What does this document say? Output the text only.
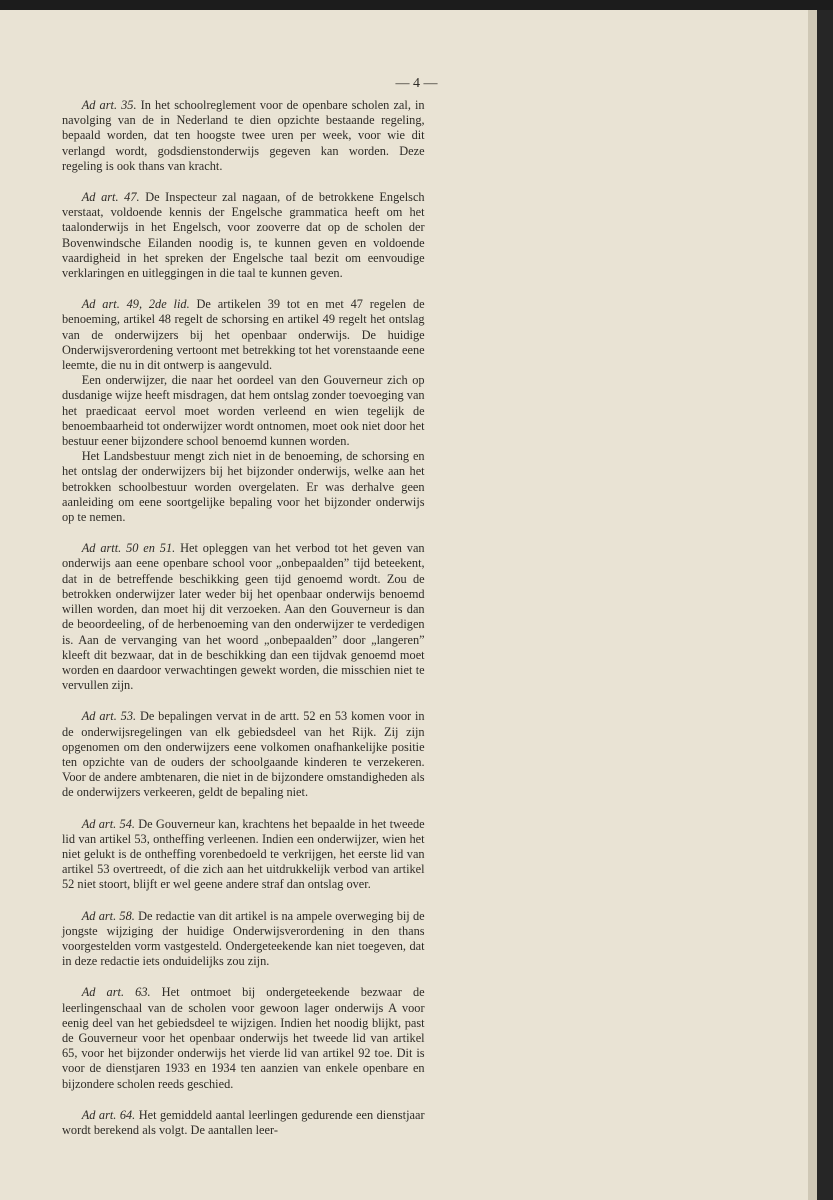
— 4 —

Ad art. 35. In het schoolreglement voor de openbare scholen zal, in navolging van de in Nederland te dien opzichte bestaande regeling, bepaald worden, dat ten hoogste twee uren per week, voor wie dit verlangd wordt, godsdienstonderwijs gegeven kan worden. Deze regeling is ook thans van kracht.

Ad art. 47. De Inspecteur zal nagaan, of de betrokkene Engelsch verstaat, voldoende kennis der Engelsche grammatica heeft om het taalonderwijs in het Engelsch, voor zooverre dat op de scholen der Bovenwindsche Eilanden noodig is, te kunnen geven en voldoende vaardigheid in het spreken der Engelsche taal bezit om eenvoudige verklaringen en uitleggingen in die taal te kunnen geven.

Ad art. 49, 2de lid. De artikelen 39 tot en met 47 regelen de benoeming, artikel 48 regelt de schorsing en artikel 49 regelt het ontslag van de onderwijzers bij het openbaar onderwijs. De huidige Onderwijsverordening vertoont met betrekking tot het vorenstaande eene leemte, die nu in dit ontwerp is aangevuld.

Een onderwijzer, die naar het oordeel van den Gouverneur zich op dusdanige wijze heeft misdragen, dat hem ontslag zonder toevoeging van het praedicaat eervol moet worden verleend en wien tegelijk de benoembaarheid tot onderwijzer wordt ontnomen, moet ook niet door het bestuur eener bijzondere school benoemd kunnen worden.

Het Landsbestuur mengt zich niet in de benoeming, de schorsing en het ontslag der onderwijzers bij het bijzonder onderwijs, welke aan het betrokken schoolbestuur worden overgelaten. Er was derhalve geen aanleiding om eene soortgelijke bepaling voor het bijzonder onderwijs op te nemen.

Ad artt. 50 en 51. Het opleggen van het verbod tot het geven van onderwijs aan eene openbare school voor „onbepaalden” tijd beteekent, dat in de betreffende beschikking geen tijd genoemd wordt. Zou de betrokken onderwijzer later weder bij het openbaar onderwijs benoemd willen worden, dan moet hij dit verzoeken. Aan den Gouverneur is dan de beoordeeling, of de herbenoeming van den onderwijzer te verdedigen is. Aan de vervanging van het woord „onbepaalden” door „langeren” kleeft dit bezwaar, dat in de beschikking dan een tijdvak genoemd moet worden en daardoor verwachtingen gewekt worden, die misschien niet te vervullen zijn.

Ad art. 53. De bepalingen vervat in de artt. 52 en 53 komen voor in de onderwijsregelingen van elk gebiedsdeel van het Rijk. Zij zijn opgenomen om den onderwijzers eene volkomen onafhankelijke positie ten opzichte van de ouders der schoolgaande kinderen te verzekeren. Voor de andere ambtenaren, die niet in de bijzondere omstandigheden als de onderwijzers verkeeren, geldt de bepaling niet.

Ad art. 54. De Gouverneur kan, krachtens het bepaalde in het tweede lid van artikel 53, ontheffing verleenen. Indien een onderwijzer, wien het niet gelukt is de ontheffing vorenbedoeld te verkrijgen, het eerste lid van artikel 53 overtreedt, of die zich aan het uitdrukkelijk verbod van artikel 52 niet stoort, blijft er wel geene andere straf dan ontslag over.

Ad art. 58. De redactie van dit artikel is na ampele overweging bij de jongste wijziging der huidige Onderwijsverordening in den thans voorgestelden vorm vastgesteld. Ondergeteekende kan niet toegeven, dat in deze redactie iets onduidelijks zou zijn.

Ad art. 63. Het ontmoet bij ondergeteekende bezwaar de leerlingenschaal van de scholen voor gewoon lager onderwijs A voor eenig deel van het gebiedsdeel te wijzigen. Indien het noodig blijkt, past de Gouverneur voor het openbaar onderwijs het tweede lid van artikel 65, voor het bijzonder onderwijs het vierde lid van artikel 92 toe. Dit is voor de dienstjaren 1933 en 1934 ten aanzien van enkele openbare en bijzondere scholen reeds geschied.

Ad art. 64. Het gemiddeld aantal leerlingen gedurende een dienstjaar wordt berekend als volgt. De aantallen leer-
